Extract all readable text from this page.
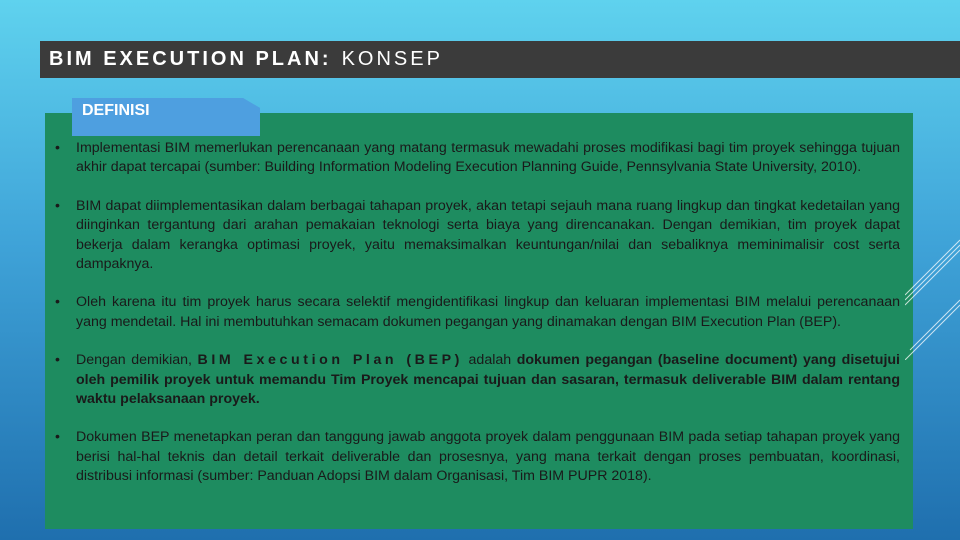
BIM EXECUTION PLAN: KONSEP
DEFINISI
• Implementasi BIM memerlukan perencanaan yang matang termasuk mewadahi proses modifikasi bagi tim proyek sehingga tujuan akhir dapat tercapai (sumber: Building Information Modeling Execution Planning Guide, Pennsylvania State University, 2010).
• BIM dapat diimplementasikan dalam berbagai tahapan proyek, akan tetapi sejauh mana ruang lingkup dan tingkat kedetailan yang diinginkan tergantung dari arahan pemakaian teknologi serta biaya yang direncanakan. Dengan demikian, tim proyek dapat bekerja dalam kerangka optimasi proyek, yaitu memaksimalkan keuntungan/nilai dan sebaliknya meminimalisir cost serta dampaknya.
• Oleh karena itu tim proyek harus secara selektif mengidentifikasi lingkup dan keluaran implementasi BIM melalui perencanaan yang mendetail. Hal ini membutuhkan semacam dokumen pegangan yang dinamakan dengan BIM Execution Plan (BEP).
• Dengan demikian, BIM Execution Plan (BEP) adalah dokumen pegangan (baseline document) yang disetujui oleh pemilik proyek untuk memandu Tim Proyek mencapai tujuan dan sasaran, termasuk deliverable BIM dalam rentang waktu pelaksanaan proyek.
• Dokumen BEP menetapkan peran dan tanggung jawab anggota proyek dalam penggunaan BIM pada setiap tahapan proyek yang berisi hal-hal teknis dan detail terkait deliverable dan prosesnya, yang mana terkait dengan proses pembuatan, koordinasi, distribusi informasi (sumber: Panduan Adopsi BIM dalam Organisasi, Tim BIM PUPR 2018).
